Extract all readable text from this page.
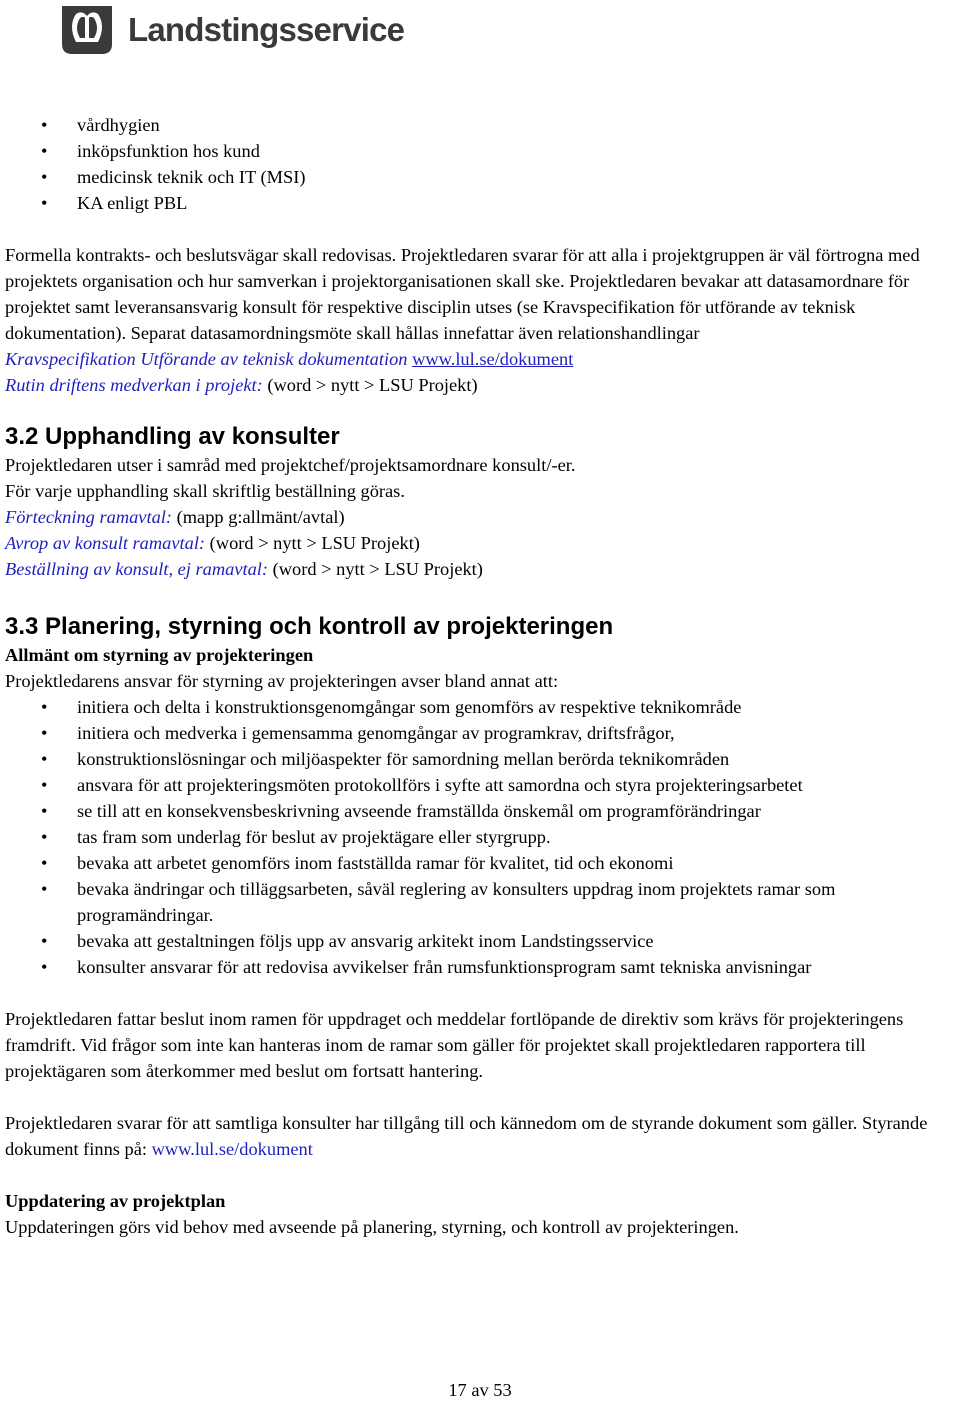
Landstingsservice
• vårdhygien
• inköpsfunktion hos kund
• medicinsk teknik och IT (MSI)
• KA enligt PBL

Formella kontrakts- och beslutsvägar skall redovisas. Projektledaren svarar för att alla i projektgruppen är väl förtrogna med projektets organisation och hur samverkan i projektorganisationen skall ske. Projektledaren bevakar att datasamordnare för projektet samt leveransansvarig konsult för respektive disciplin utses (se Kravspecifikation för utförande av teknisk dokumentation). Separat datasamordningsmöte skall hållas innefattar även relationshandlingar

Kravspecifikation Utförande av teknisk dokumentation www.lul.se/dokument

Rutin driftens medverkan i projekt: (word > nytt > LSU Projekt)

3.2 Upphandling av konsulter

Projektledaren utser i samråd med projektchef/projektsamordnare konsult/-er.

För varje upphandling skall skriftlig beställning göras.

Förteckning ramavtal: (mapp g:allmänt/avtal)

Avrop av konsult ramavtal: (word > nytt > LSU Projekt)

Beställning av konsult, ej ramavtal: (word > nytt > LSU Projekt)

3.3 Planering, styrning och kontroll av projekteringen

Allmänt om styrning av projekteringen

Projektledarens ansvar för styrning av projekteringen avser bland annat att:

• initiera och delta i konstruktionsgenomgångar som genomförs av respektive teknikområde
• initiera och medverka i gemensamma genomgångar av programkrav, driftsfrågor,
• konstruktionslösningar och miljöaspekter för samordning mellan berörda teknikområden
• ansvara för att projekteringsmöten protokollförs i syfte att samordna och styra projekteringsarbetet
• se till att en konsekvensbeskrivning avseende framställda önskemål om programförändringar
• tas fram som underlag för beslut av projektägare eller styrgrupp.
• bevaka att arbetet genomförs inom fastställda ramar för kvalitet, tid och ekonomi
• bevaka ändringar och tilläggsarbeten, såväl reglering av konsulters uppdrag inom projektets ramar som programändringar.
• bevaka att gestaltningen följs upp av ansvarig arkitekt inom Landstingsservice
• konsulter ansvarar för att redovisa avvikelser från rumsfunktionsprogram samt tekniska anvisningar

Projektledaren fattar beslut inom ramen för uppdraget och meddelar fortlöpande de direktiv som krävs för projekteringens framdrift. Vid frågor som inte kan hanteras inom de ramar som gäller för projektet skall projektledaren rapportera till projektägaren som återkommer med beslut om fortsatt hantering.

Projektledaren svarar för att samtliga konsulter har tillgång till och kännedom om de styrande dokument som gäller. Styrande dokument finns på: www.lul.se/dokument

Uppdatering av projektplan

Uppdateringen görs vid behov med avseende på planering, styrning, och kontroll av projekteringen.

17 av 53
